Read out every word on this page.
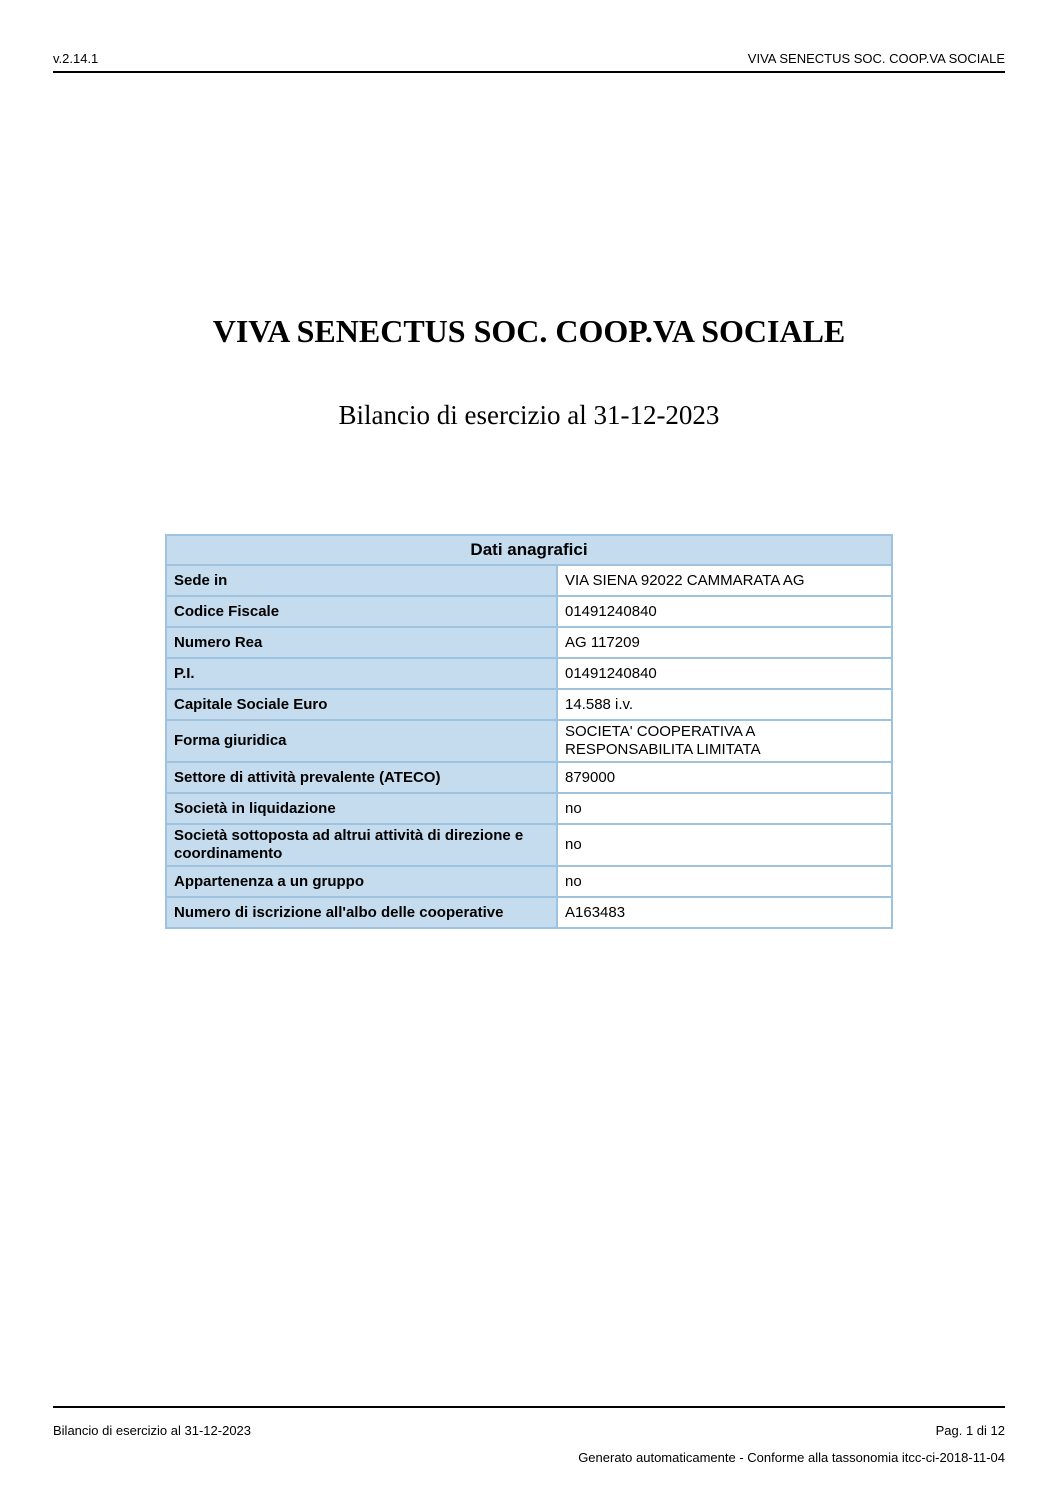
v.2.14.1	VIVA SENECTUS SOC. COOP.VA SOCIALE
VIVA SENECTUS SOC. COOP.VA SOCIALE
Bilancio di esercizio al 31-12-2023
Dati anagrafici	
Sede in	VIA SIENA 92022 CAMMARATA AG
Codice Fiscale	01491240840
Numero Rea	AG 117209
P.I.	01491240840
Capitale Sociale Euro	14.588 i.v.
Forma giuridica	SOCIETA' COOPERATIVA A RESPONSABILITA LIMITATA
Settore di attività prevalente (ATECO)	879000
Società in liquidazione	no
Società sottoposta ad altrui attività di direzione e coordinamento	no
Appartenenza a un gruppo	no
Numero di iscrizione all'albo delle cooperative	A163483
Bilancio di esercizio al 31-12-2023	Pag. 1 di 12
Generato automaticamente - Conforme alla tassonomia itcc-ci-2018-11-04
